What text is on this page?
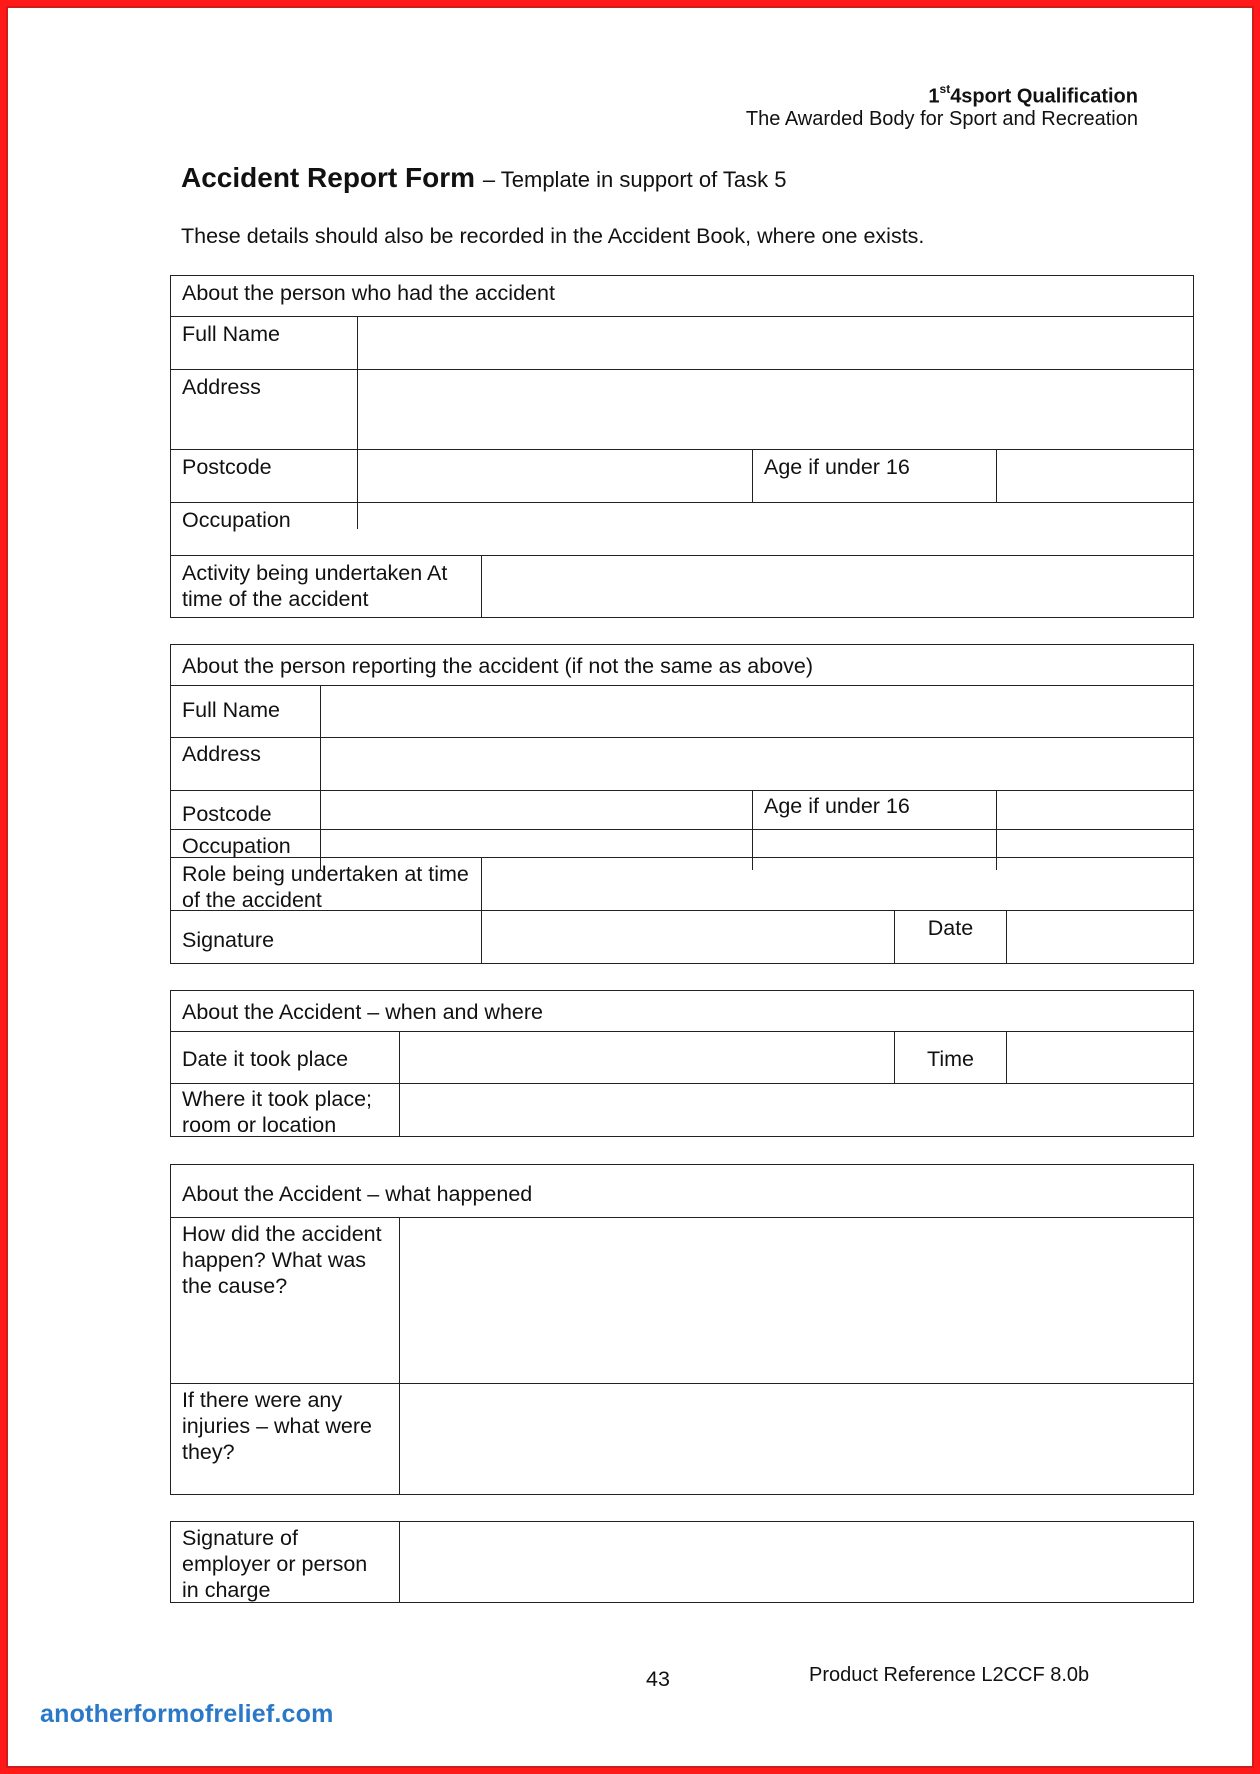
1st4sport Qualification
The Awarded Body for Sport and Recreation
Accident Report Form – Template in support of Task 5
These details should also be recorded in the Accident Book, where one exists.
About the person who had the accident
Full Name
Address
Postcode	Age if under 16
Occupation
Activity being undertaken At time of the accident
About the person reporting the accident (if not the same as above)
Full Name
Address
Postcode	Age if under 16
Occupation
Role being undertaken at time of the accident
Signature	Date
About the Accident – when and where
Date it took place	Time
Where it took place; room or location
About the Accident – what happened
How did the accident happen? What was the cause?
If there were any injuries – what were they?
Signature of employer or person in charge
43	Product Reference L2CCF 8.0b
anotherformofrelief.com
